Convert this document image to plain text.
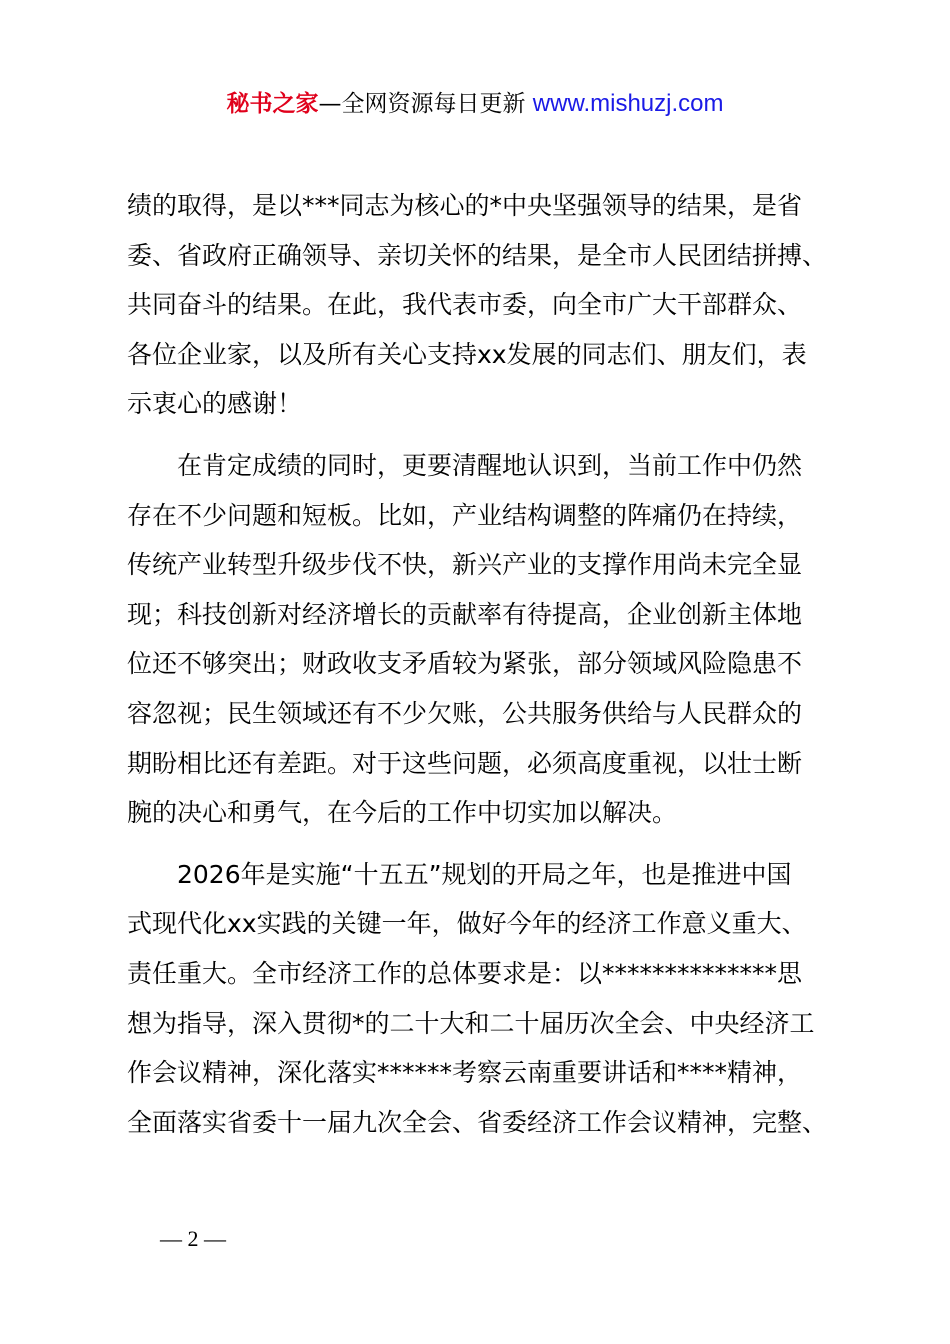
秘书之家—全网资源每日更新 www.mishuzj.com
绩的取得，是以***同志为核心的*中央坚强领导的结果，是省
委、省政府正确领导、亲切关怀的结果，是全市人民团结拼搏、
共同奋斗的结果。在此，我代表市委，向全市广大干部群众、
各位企业家，以及所有关心支持xx发展的同志们、朋友们，表
示衷心的感谢！
在肯定成绩的同时，更要清醒地认识到，当前工作中仍然
存在不少问题和短板。比如，产业结构调整的阵痛仍在持续，
传统产业转型升级步伐不快，新兴产业的支撑作用尚未完全显
现；科技创新对经济增长的贡献率有待提高，企业创新主体地
位还不够突出；财政收支矛盾较为紧张，部分领域风险隐患不
容忽视；民生领域还有不少欠账，公共服务供给与人民群众的
期盼相比还有差距。对于这些问题，必须高度重视，以壮士断
腕的决心和勇气，在今后的工作中切实加以解决。
2026年是实施“十五五”规划的开局之年，也是推进中国
式现代化xx实践的关键一年，做好今年的经济工作意义重大、
责任重大。全市经济工作的总体要求是：以**************思
想为指导，深入贯彻*的二十大和二十届历次全会、中央经济工
作会议精神，深化落实******考察云南重要讲话和****精神，
全面落实省委十一届九次全会、省委经济工作会议精神，完整、
— 2 —
